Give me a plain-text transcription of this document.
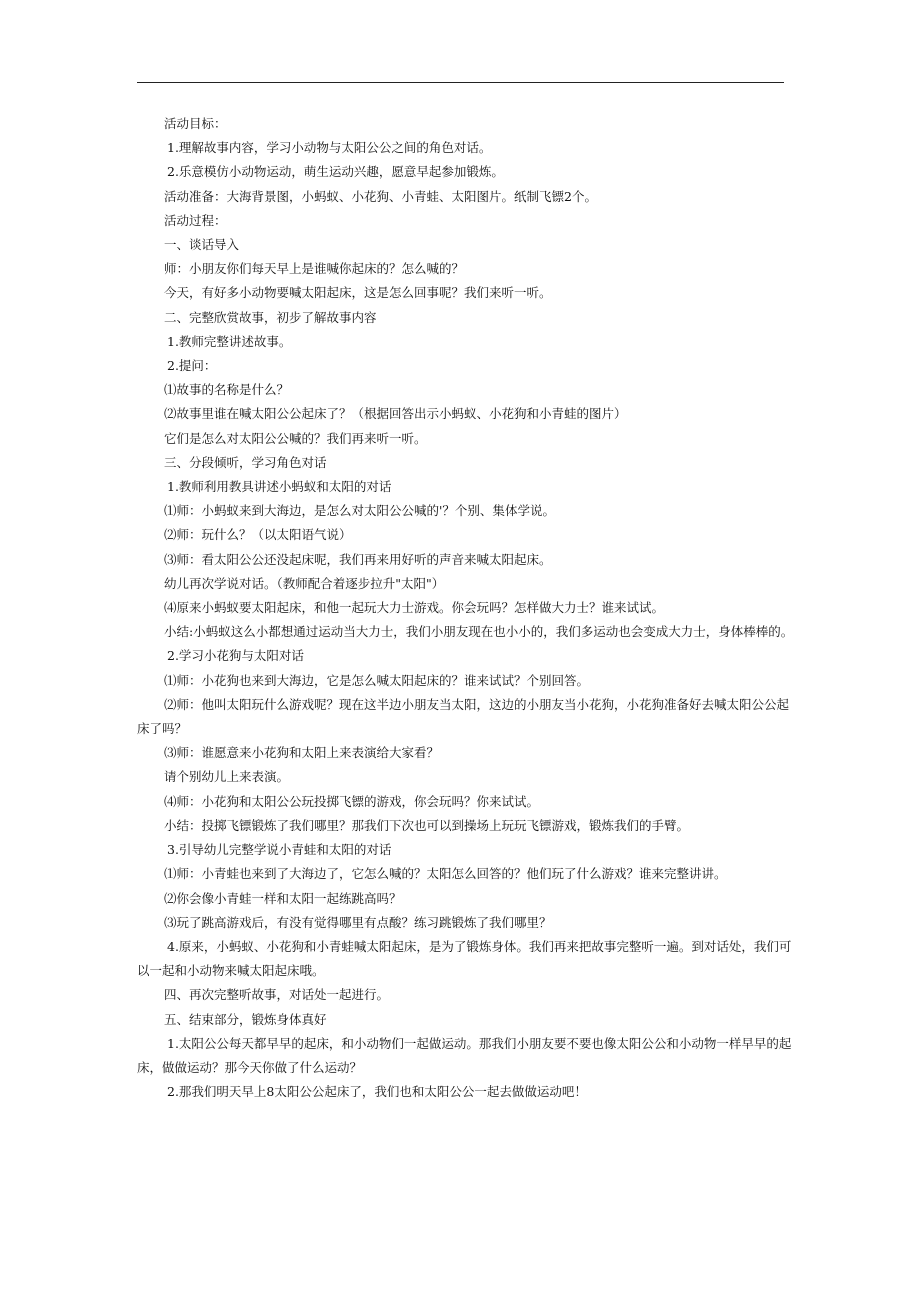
活动目标：
1.理解故事内容，学习小动物与太阳公公之间的角色对话。
2.乐意模仿小动物运动，萌生运动兴趣，愿意早起参加锻炼。
活动准备：大海背景图，小蚂蚁、小花狗、小青蛙、太阳图片。纸制飞镖2个。
活动过程：
一、谈话导入
师：小朋友你们每天早上是谁喊你起床的？怎么喊的？
今天，有好多小动物要喊太阳起床，这是怎么回事呢？我们来听一听。
二、完整欣赏故事，初步了解故事内容
1.教师完整讲述故事。
2.提问：
⑴故事的名称是什么？
⑵故事里谁在喊太阳公公起床了？（根据回答出示小蚂蚁、小花狗和小青蛙的图片）
它们是怎么对太阳公公喊的？我们再来听一听。
三、分段倾听，学习角色对话
1.教师利用教具讲述小蚂蚁和太阳的对话
⑴师：小蚂蚁来到大海边，是怎么对太阳公公喊的'？个别、集体学说。
⑵师：玩什么？（以太阳语气说）
⑶师：看太阳公公还没起床呢，我们再来用好听的声音来喊太阳起床。
幼儿再次学说对话。（教师配合着逐步拉升"太阳"）
⑷原来小蚂蚁要太阳起床，和他一起玩大力士游戏。你会玩吗？怎样做大力士？谁来试试。
小结:小蚂蚁这么小都想通过运动当大力士，我们小朋友现在也小小的，我们多运动也会变成大力士，身体棒棒的。
2.学习小花狗与太阳对话
⑴师：小花狗也来到大海边，它是怎么喊太阳起床的？谁来试试？个别回答。
⑵师：他叫太阳玩什么游戏呢？现在这半边小朋友当太阳，这边的小朋友当小花狗，小花狗准备好去喊太阳公公起
床了吗？
⑶师：谁愿意来小花狗和太阳上来表演给大家看？
请个别幼儿上来表演。
⑷师：小花狗和太阳公公玩投掷飞镖的游戏，你会玩吗？你来试试。
小结：投掷飞镖锻炼了我们哪里？那我们下次也可以到操场上玩玩飞镖游戏，锻炼我们的手臂。
3.引导幼儿完整学说小青蛙和太阳的对话
⑴师：小青蛙也来到了大海边了，它怎么喊的？太阳怎么回答的？他们玩了什么游戏？谁来完整讲讲。
⑵你会像小青蛙一样和太阳一起练跳高吗？
⑶玩了跳高游戏后，有没有觉得哪里有点酸？练习跳锻炼了我们哪里？
4.原来，小蚂蚁、小花狗和小青蛙喊太阳起床，是为了锻炼身体。我们再来把故事完整听一遍。到对话处，我们可
以一起和小动物来喊太阳起床哦。
四、再次完整听故事，对话处一起进行。
五、结束部分，锻炼身体真好
1.太阳公公每天都早早的起床，和小动物们一起做运动。那我们小朋友要不要也像太阳公公和小动物一样早早的起
床，做做运动？那今天你做了什么运动？
2.那我们明天早上8太阳公公起床了，我们也和太阳公公一起去做做运动吧！
